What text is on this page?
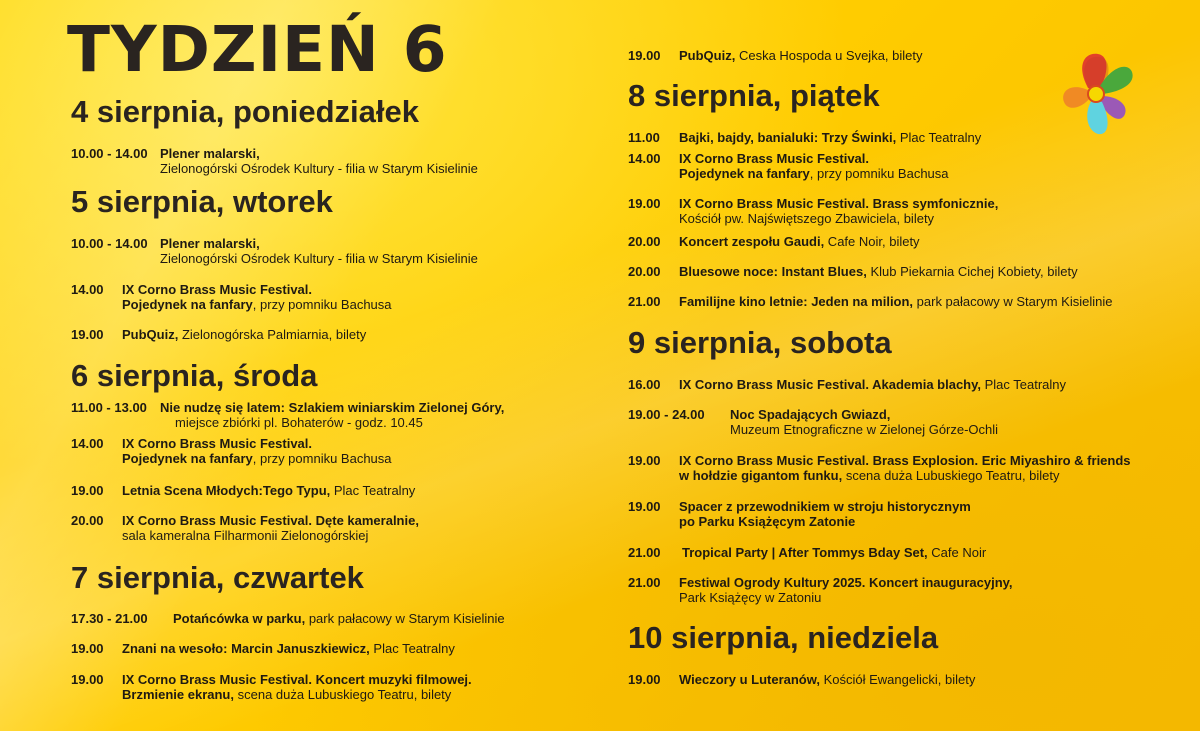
TYDZIEŃ 6
4 sierpnia, poniedziałek
10.00 - 14.00 Plener malarski,
Zielonogórski Ośrodek Kultury - filia w Starym Kisielinie
5 sierpnia, wtorek
10.00 - 14.00 Plener malarski,
Zielonogórski Ośrodek Kultury - filia w Starym Kisielinie
14.00 IX Corno Brass Music Festival.
Pojedynek na fanfary, przy pomniku Bachusa
19.00 PubQuiz, Zielonogórska Palmiarnia, bilety
6 sierpnia, środa
11.00 - 13.00 Nie nudzę się latem: Szlakiem winiarskim Zielonej Góry,
miejsce zbiórki pl. Bohaterów - godz. 10.45
14.00 IX Corno Brass Music Festival.
Pojedynek na fanfary, przy pomniku Bachusa
19.00 Letnia Scena Młodych:Tego Typu, Plac Teatralny
20.00 IX Corno Brass Music Festival. Dęte kameralnie,
sala kameralna Filharmonii Zielonogórskiej
7 sierpnia, czwartek
17.30 - 21.00 Potańcówka w parku, park pałacowy w Starym Kisielinie
19.00 Znani na wesoło: Marcin Januszkiewicz, Plac Teatralny
19.00 IX Corno Brass Music Festival. Koncert muzyki filmowej.
Brzmienie ekranu, scena duża Lubuskiego Teatru, bilety
19.00 PubQuiz, Ceska Hospoda u Svejka, bilety
8 sierpnia, piątek
11.00 Bajki, bajdy, banialuki: Trzy Świnki, Plac Teatralny
14.00 IX Corno Brass Music Festival.
Pojedynek na fanfary, przy pomniku Bachusa
19.00 IX Corno Brass Music Festival. Brass symfonicznie,
Kościół pw. Najświętszego Zbawiciela, bilety
20.00 Koncert zespołu Gaudi, Cafe Noir, bilety
20.00 Bluesowe noce: Instant Blues, Klub Piekarnia Cichej Kobiety, bilety
21.00 Familijne kino letnie: Jeden na milion, park pałacowy w Starym Kisielinie
9 sierpnia, sobota
16.00 IX Corno Brass Music Festival. Akademia blachy, Plac Teatralny
19.00 - 24.00 Noc Spadających Gwiazd,
Muzeum Etnograficzne w Zielonej Górze-Ochli
19.00 IX Corno Brass Music Festival. Brass Explosion. Eric Miyashiro & friends
w hołdzie gigantom funku, scena duża Lubuskiego Teatru, bilety
19.00 Spacer z przewodnikiem w stroju historycznym
po Parku Książęcym Zatonie
21.00 Tropical Party | After Tommys Bday Set, Cafe Noir
21.00 Festiwal Ogrody Kultury 2025. Koncert inauguracyjny,
Park Książęcy w Zatoniu
10 sierpnia, niedziela
19.00 Wieczory u Luteranów, Kościół Ewangelicki, bilety
